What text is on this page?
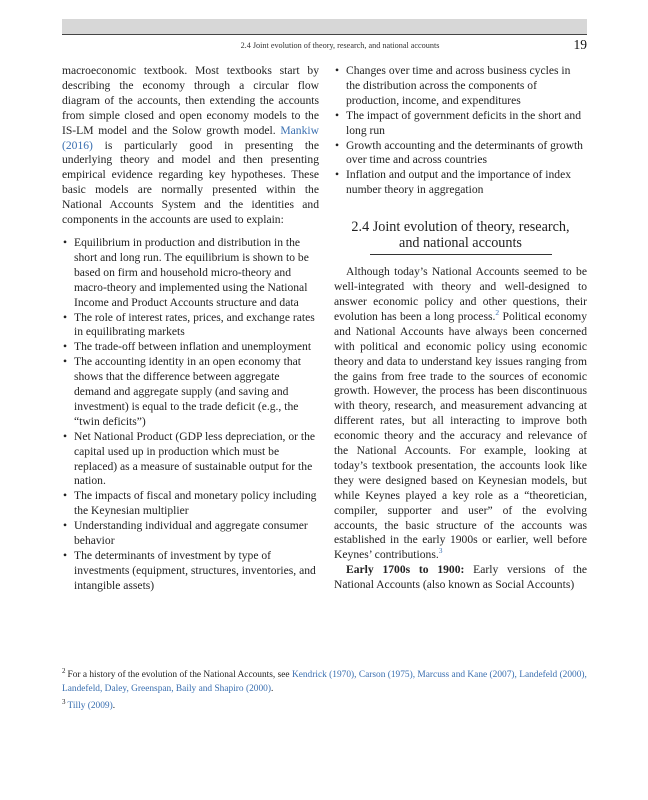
2.4 Joint evolution of theory, research, and national accounts	19

macroeconomic textbook. Most textbooks start by describing the economy through a circular flow diagram of the accounts, then extending the accounts from simple closed and open economy models to the IS-LM model and the Solow growth model. Mankiw (2016) is particularly good in presenting the underlying theory and model and then presenting empirical evidence regarding key hypotheses. These basic models are normally presented within the National Accounts System and the identities and components in the accounts are used to explain:

• Equilibrium in production and distribution in the short and long run. The equilibrium is shown to be based on firm and household micro-theory and macro-theory and implemented using the National Income and Product Accounts structure and data
• The role of interest rates, prices, and exchange rates in equilibrating markets
• The trade-off between inflation and unemployment
• The accounting identity in an open economy that shows that the difference between aggregate demand and aggregate supply (and saving and investment) is equal to the trade deficit (e.g., the “twin deficits”)
• Net National Product (GDP less depreciation, or the capital used up in production which must be replaced) as a measure of sustainable output for the nation.
• The impacts of fiscal and monetary policy including the Keynesian multiplier
• Understanding individual and aggregate consumer behavior
• The determinants of investment by type of investments (equipment, structures, inventories, and intangible assets)
• Changes over time and across business cycles in the distribution across the components of production, income, and expenditures
• The impact of government deficits in the short and long run
• Growth accounting and the determinants of growth over time and across countries
• Inflation and output and the importance of index number theory in aggregation
2.4 Joint evolution of theory, research,
and national accounts

Although today’s National Accounts seemed to be well-integrated with theory and well-designed to answer economic policy and other questions, their evolution has been a long process.$^2$ Political economy and National Accounts have always been concerned with political and economic policy using economic theory and data to understand key issues ranging from the gains from free trade to the sources of economic growth. However, the process has been discontinuous with theory, research, and measurement advancing at different rates, but all interacting to improve both economic theory and the accuracy and relevance of the National Accounts. For example, looking at today’s textbook presentation, the accounts look like they were designed based on Keynesian models, but while Keynes played a key role as a “theoretician, compiler, supporter and user” of the evolving accounts, the basic structure of the accounts was established in the early 1900s or earlier, well before Keynes’ contributions.$^3$

Early 1700s to 1900: Early versions of the National Accounts (also known as Social Accounts)

$^2$ For a history of the evolution of the National Accounts, see Kendrick (1970), Carson (1975), Marcuss and Kane (2007), Landefeld (2000), Landefeld, Daley, Greenspan, Baily and Shapiro (2000).
$^3$ Tilly (2009).
